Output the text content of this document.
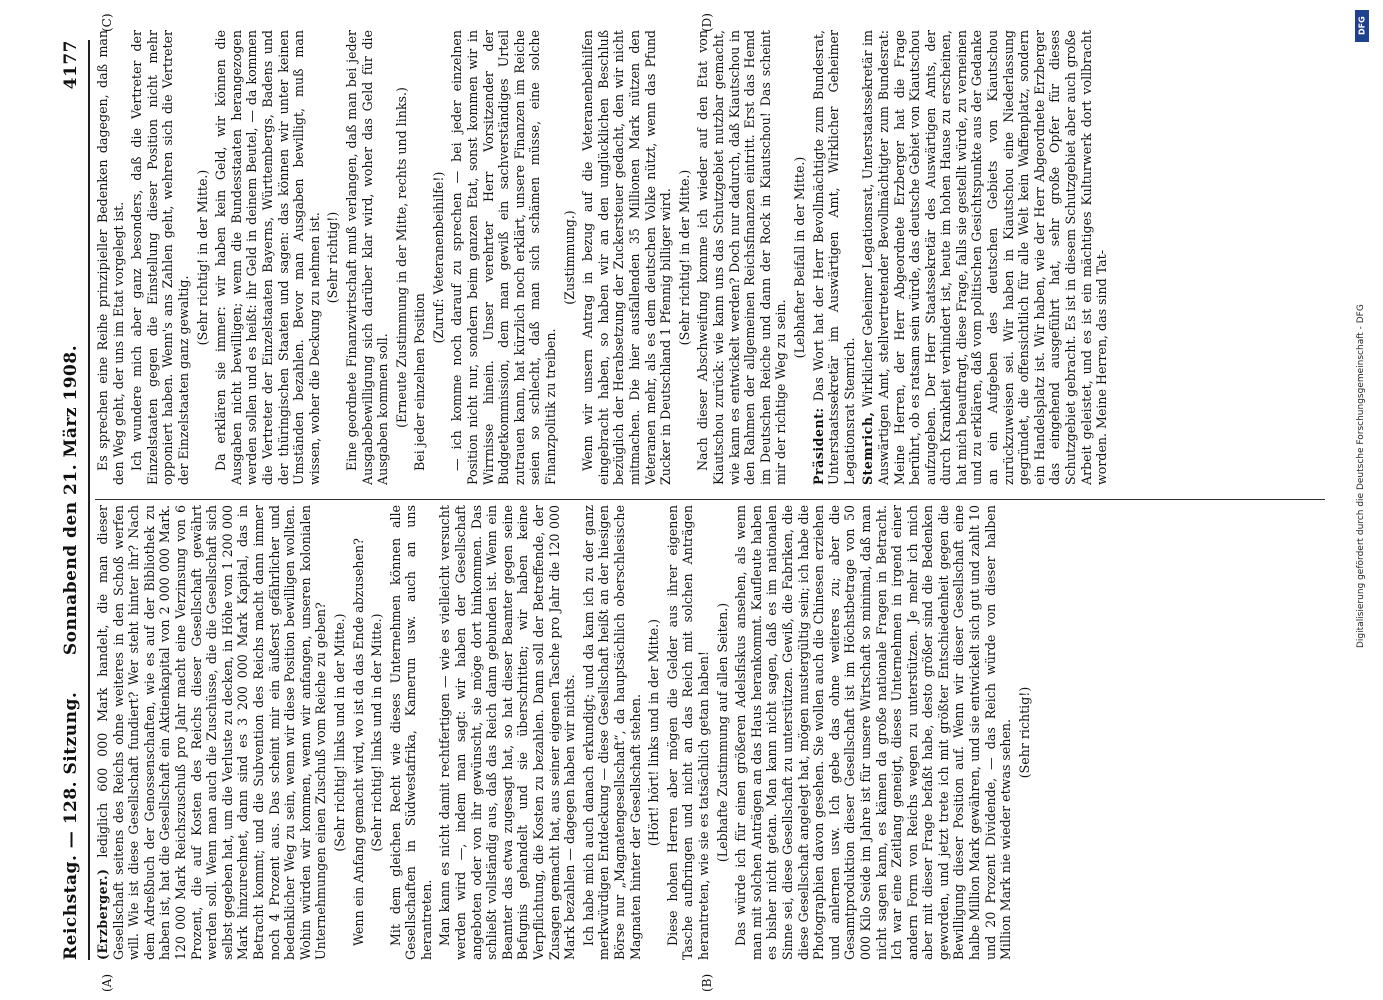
DFG
Digitalisierung gefördert durch die Deutsche Forschungsgemeinschaft - DFG
Reichstag. — 128. Sitzung.
Sonnabend den 21. März 1908.
4177
(A)	(B)
(C)	(D)

(Erzberger.) lediglich 600 000 Mark handelt, die man dieser Gesellschaft seitens des Reichs ohne weiteres in den Schoß werfen will. Wie ist diese Gesellschaft fundiert? Wer steht hinter ihr? Nach dem Adreßbuch der Genossenschaften, wie es auf der Bibliothek zu haben ist, hat die Gesellschaft ein Aktienkapital von 2 000 000 Mark. 120 000 Mark Reichszuschuß pro Jahr macht eine Verzinsung von 6 Prozent, die auf Kosten des Reichs dieser Gesellschaft gewährt werden soll. Wenn man auch die Zuschüsse, die die Gesellschaft sich selbst gegeben hat, um die Verluste zu decken, in Höhe von 1 200 000 Mark hinzurechnet, dann sind es 3 200 000 Mark Kapital, das in Betracht kommt; und die Subvention des Reichs macht dann immer noch 4 Prozent aus. Das scheint mir ein äußerst gefährlicher und bedenklicher Weg zu sein, wenn wir diese Position bewilligen wollten. Wohin würden wir kommen, wenn wir anfangen, unseren kolonialen Unternehmungen einen Zuschuß vom Reiche zu geben? (Sehr richtig! links und in der Mitte.) Wenn ein Anfang gemacht wird, wo ist da das Ende abzusehen? (Sehr richtig! links und in der Mitte.) Mit dem gleichen Recht wie dieses Unternehmen können alle Gesellschaften in Südwestafrika, Kamerun usw. auch an uns herantreten. Man kann es nicht damit rechtfertigen — wie es vielleicht versucht werden wird —, indem man sagt: wir haben der Gesellschaft angeboten oder von ihr gewünscht, sie möge dort hinkommen. Das schließt vollständig aus, daß das Reich dann gebunden ist. Wenn ein Beamter das etwa zugesagt hat, so hat dieser Beamter gegen seine Befugnis gehandelt und sie überschritten; wir haben keine Verpflichtung, die Kosten zu bezahlen. Dann soll der Betreffende, der Zusagen gemacht hat, aus seiner eigenen Tasche pro Jahr die 120 000 Mark bezahlen — dagegen haben wir nichts. Ich habe mich auch danach erkundigt; und da kam ich zu der ganz merkwürdigen Entdeckung — diese Gesellschaft heißt an der hiesigen Börse nur „Magnatengesellschaft“, da hauptsächlich oberschlesische Magnaten hinter der Gesellschaft stehen. (Hört! hört! links und in der Mitte.) Diese hohen Herren aber mögen die Gelder aus ihrer eigenen Tasche aufbringen und nicht an das Reich mit solchen Anträgen herantreten, wie sie es tatsächlich getan haben! (Lebhafte Zustimmung auf allen Seiten.) Das würde ich für einen größeren Adelsfiskus ansehen, als wenn man mit solchen Anträgen an das Haus herankommt. Kaufleute haben es bisher nicht getan. Man kann nicht sagen, daß es im nationalen Sinne sei, diese Gesellschaft zu unterstützen. Gewiß, die Fabriken, die diese Gesellschaft angelegt hat, mögen mustergültig sein; ich habe die Photographien davon gesehen. Sie wollen auch die Chinesen erziehen und anlernen usw. Ich gebe das ohne weiteres zu; aber die Gesamtproduktion dieser Gesellschaft ist im Höchstbetrage von 50 000 Kilo Seide im Jahre ist für unsere Wirtschaft so minimal, daß man nicht sagen kann, es kämen da große nationale Fragen in Betracht. Ich war eine Zeitlang geneigt, dieses Unternehmen in irgend einer andern Form von Reichs wegen zu unterstützen. Je mehr ich mich aber mit dieser Frage befaßt habe, desto größer sind die Bedenken geworden, und jetzt trete ich mit größter Entschiedenheit gegen die Bewilligung dieser Position auf. Wenn wir dieser Gesellschaft eine halbe Million Mark gewähren, und sie entwickelt sich gut und zahlt 10 und 20 Prozent Dividende, — das Reich würde von dieser halben Million Mark nie wieder etwas sehen. (Sehr richtig!)

Es sprechen eine Reihe prinzipieller Bedenken dagegen, daß man den Weg geht, der uns im Etat vorgelegt ist. Ich wundere mich aber ganz besonders, daß die Vertreter der Einzelstaaten gegen die Einstellung dieser Position nicht mehr opponiert haben. Wenn's ans Zahlen geht, wehren sich die Vertreter der Einzelstaaten ganz gewaltig.

(Sehr richtig! in der Mitte.) Da erklären sie immer: wir haben kein Geld, wir können die Ausgaben nicht bewilligen; wenn die Bundesstaaten herangezogen werden sollen und es heißt: ihr Geld in deinem Beutel, — da kommen die Vertreter der Einzelstaaten Bayerns, Württembergs, Badens und der thüringischen Staaten und sagen: das können wir unter keinen Umständen bezahlen. Bevor man Ausgaben bewilligt, muß man wissen, woher die Deckung zu nehmen ist. (Sehr richtig!) Eine geordnete Finanzwirtschaft muß verlangen, daß man bei jeder Ausgabebewilligung sich darüber klar wird, woher das Geld für die Ausgaben kommen soll. (Erneute Zustimmung in der Mitte, rechts und links.) Bei jeder einzelnen Position

(Zuruf: Veteranenbeihilfe!) — ich komme noch darauf zu sprechen — bei jeder einzelnen Position nicht nur, sondern beim ganzen Etat, sonst kommen wir in Wirrnisse hinein. Unser verehrter Herr Vorsitzender der Budgetkommission, dem man gewiß ein sachverständiges Urteil zutrauen kann, hat kürzlich noch erklärt, unsere Finanzen im Reiche seien so schlecht, daß man sich schämen müsse, eine solche Finanzpolitik zu treiben.

(Zustimmung.) Wenn wir unsern Antrag in bezug auf die Veteranenbeihilfen eingebracht haben, so haben wir an den unglücklichen Beschluß bezüglich der Herabsetzung der Zuckersteuer gedacht, den wir nicht mitmachen. Die hier ausfallenden 35 Millionen Mark nützen den Veteranen mehr, als es dem deutschen Volke nützt, wenn das Pfund Zucker in Deutschland 1 Pfennig billiger wird. (Sehr richtig! in der Mitte.) Nach dieser Abschweifung komme ich wieder auf den Etat von Kiautschou zurück: wie kann uns das Schutzgebiet nutzbar gemacht, wie kann es entwickelt werden? Doch nur dadurch, daß Kiautschou in den Rahmen der allgemeinen Reichsfinanzen eintritt. Erst das Hemd im Deutschen Reiche und dann der Rock in Kiautschou! Das scheint mir der richtige Weg zu sein.

(Lebhafter Beifall in der Mitte.)

Präsident: Das Wort hat der Herr Bevollmächtigte zum Bundesrat, Unterstaatssekretär im Auswärtigen Amt, Wirklicher Geheimer Legationsrat Stemrich. Stemrich, Wirklicher Geheimer Legationsrat, Unterstaatssekretär im Auswärtigen Amt, stellvertretender Bevollmächtigter zum Bundesrat: Meine Herren, der Herr Abgeordnete Erzberger hat die Frage berührt, ob es ratsam sein würde, das deutsche Gebiet von Kiautschou aufzugeben. Der Herr Staatssekretär des Auswärtigen Amts, der durch Krankheit verhindert ist, heute im hohen Hause zu erscheinen, hat mich beauftragt, diese Frage, falls sie gestellt würde, zu verneinen und zu erklären, daß vom politischen Gesichtspunkte aus der Gedanke an ein Aufgeben des deutschen Gebiets von Kiautschou zurückzuweisen sei. Wir haben in Kiautschou eine Niederlassung gegründet, die offensichtlich für alle Welt kein Waffenplatz, sondern ein Handelsplatz ist. Wir haben, wie der Herr Abgeordnete Erzberger das eingehend ausgeführt hat, sehr große Opfer für dieses Schutzgebiet gebracht. Es ist in diesem Schutzgebiet aber auch große Arbeit geleistet, und es ist ein mächtiges Kulturwerk dort vollbracht worden. Meine Herren, das sind Tat-
